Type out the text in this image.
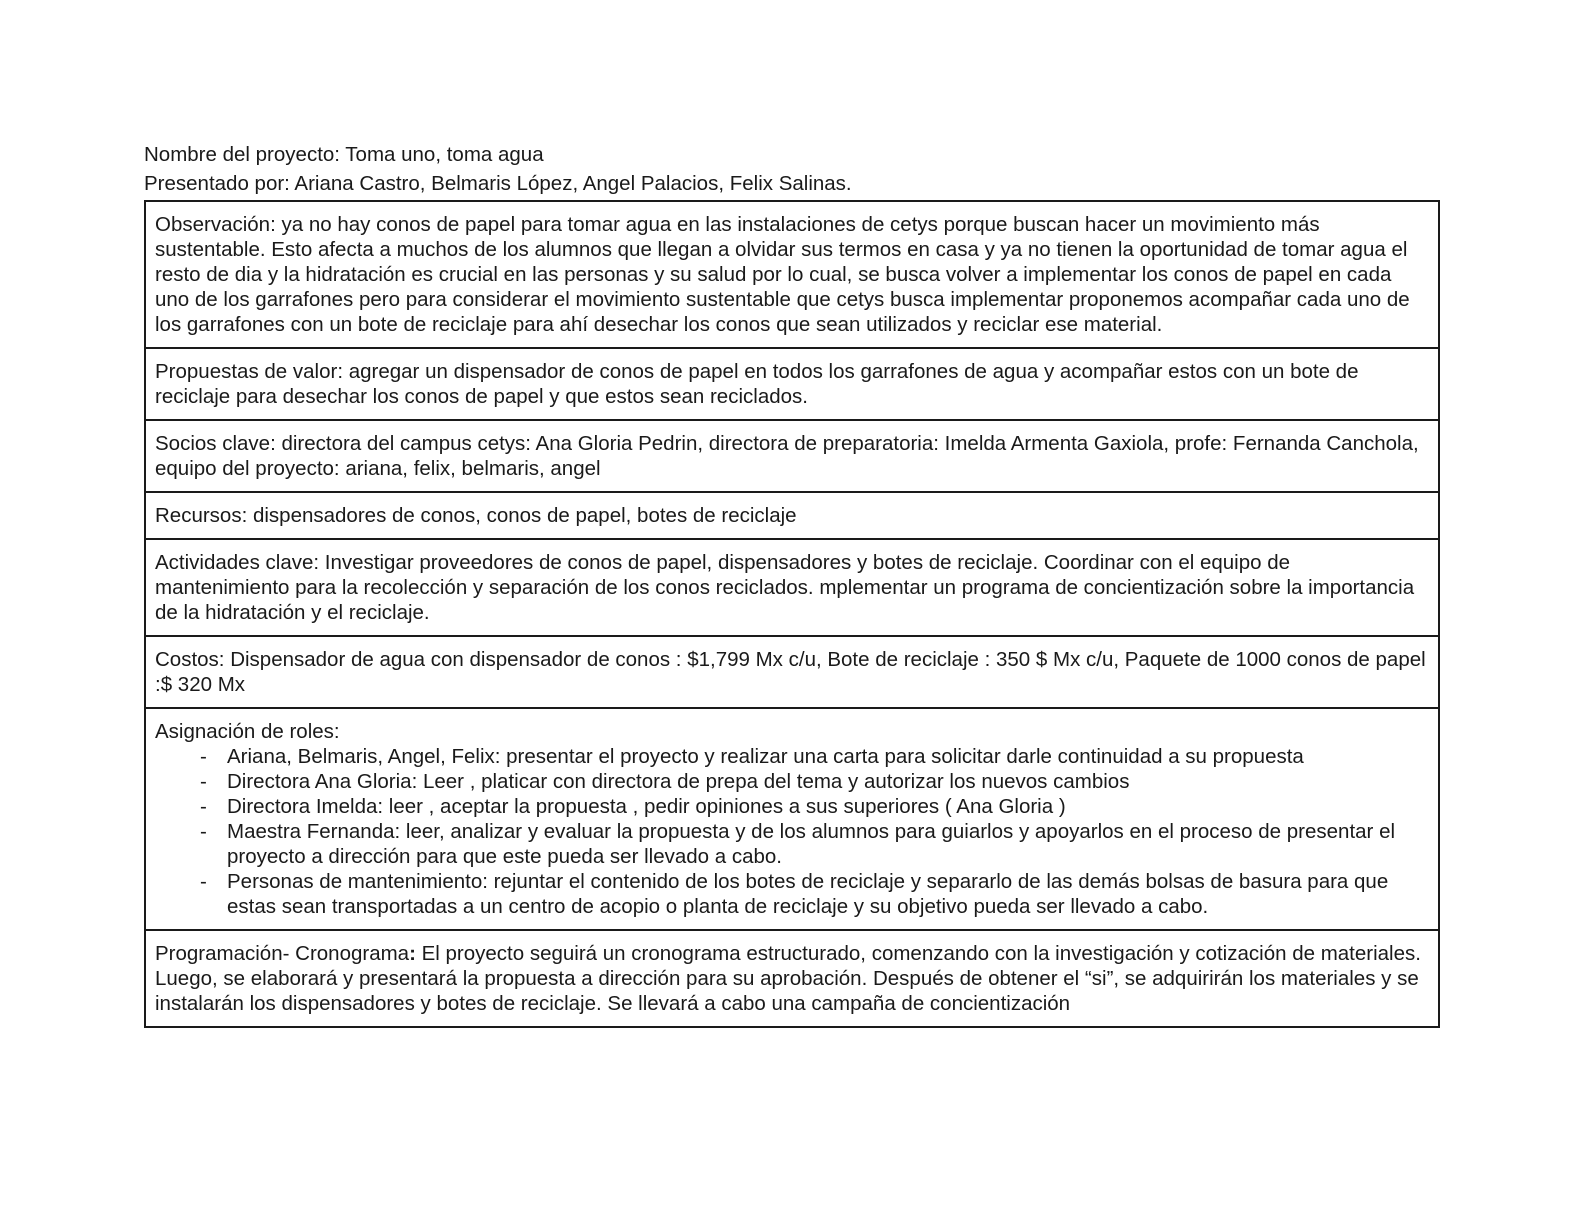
Nombre del proyecto: Toma uno, toma agua
Presentado por: Ariana Castro, Belmaris López, Angel Palacios, Felix Salinas.
Observación: ya no hay conos de papel para tomar agua en las instalaciones de cetys porque buscan hacer un movimiento más sustentable. Esto afecta a muchos de los alumnos que llegan a olvidar sus termos en casa y ya no tienen la oportunidad de tomar agua el resto de dia y la hidratación es crucial en las personas y su salud por lo cual, se busca volver a implementar los conos de papel en cada uno de los garrafones pero para considerar el movimiento sustentable que cetys busca implementar proponemos acompañar cada uno de los garrafones con un bote de reciclaje para ahí desechar los conos que sean utilizados y reciclar ese material.
Propuestas de valor: agregar un dispensador de conos de papel en todos los garrafones de agua y acompañar estos con un bote de reciclaje para desechar los conos de papel y que estos sean reciclados.
Socios clave: directora del campus cetys: Ana Gloria Pedrin, directora de preparatoria: Imelda Armenta Gaxiola, profe: Fernanda Canchola, equipo del proyecto: ariana, felix, belmaris, angel
Recursos: dispensadores de conos, conos de papel, botes de reciclaje
Actividades clave: Investigar proveedores de conos de papel, dispensadores y botes de reciclaje. Coordinar con el equipo de mantenimiento para la recolección y separación de los conos reciclados. mplementar un programa de concientización sobre la importancia de la hidratación y el reciclaje.
Costos: Dispensador de agua con dispensador de conos : $1,799 Mx c/u, Bote de reciclaje : 350 $ Mx c/u, Paquete de 1000 conos de papel :$ 320 Mx

Asignación de roles:
- Ariana, Belmaris, Angel, Felix: presentar el proyecto y realizar una carta para solicitar darle continuidad a su propuesta
- Directora Ana Gloria: Leer , platicar con directora de prepa del tema y autorizar los nuevos cambios
- Directora Imelda: leer , aceptar la propuesta , pedir opiniones a sus superiores ( Ana Gloria )
- Maestra Fernanda: leer, analizar y evaluar la propuesta y de los alumnos para guiarlos y apoyarlos en el proceso de presentar el proyecto a dirección para que este pueda ser llevado a cabo.
- Personas de mantenimiento: rejuntar el contenido de los botes de reciclaje y separarlo de las demás bolsas de basura para que estas sean transportadas a un centro de acopio o planta de reciclaje y su objetivo pueda ser llevado a cabo.

Programación- Cronograma: El proyecto seguirá un cronograma estructurado, comenzando con la investigación y cotización de materiales. Luego, se elaborará y presentará la propuesta a dirección para su aprobación. Después de obtener el “si”, se adquirirán los materiales y se instalarán los dispensadores y botes de reciclaje. Se llevará a cabo una campaña de concientización
